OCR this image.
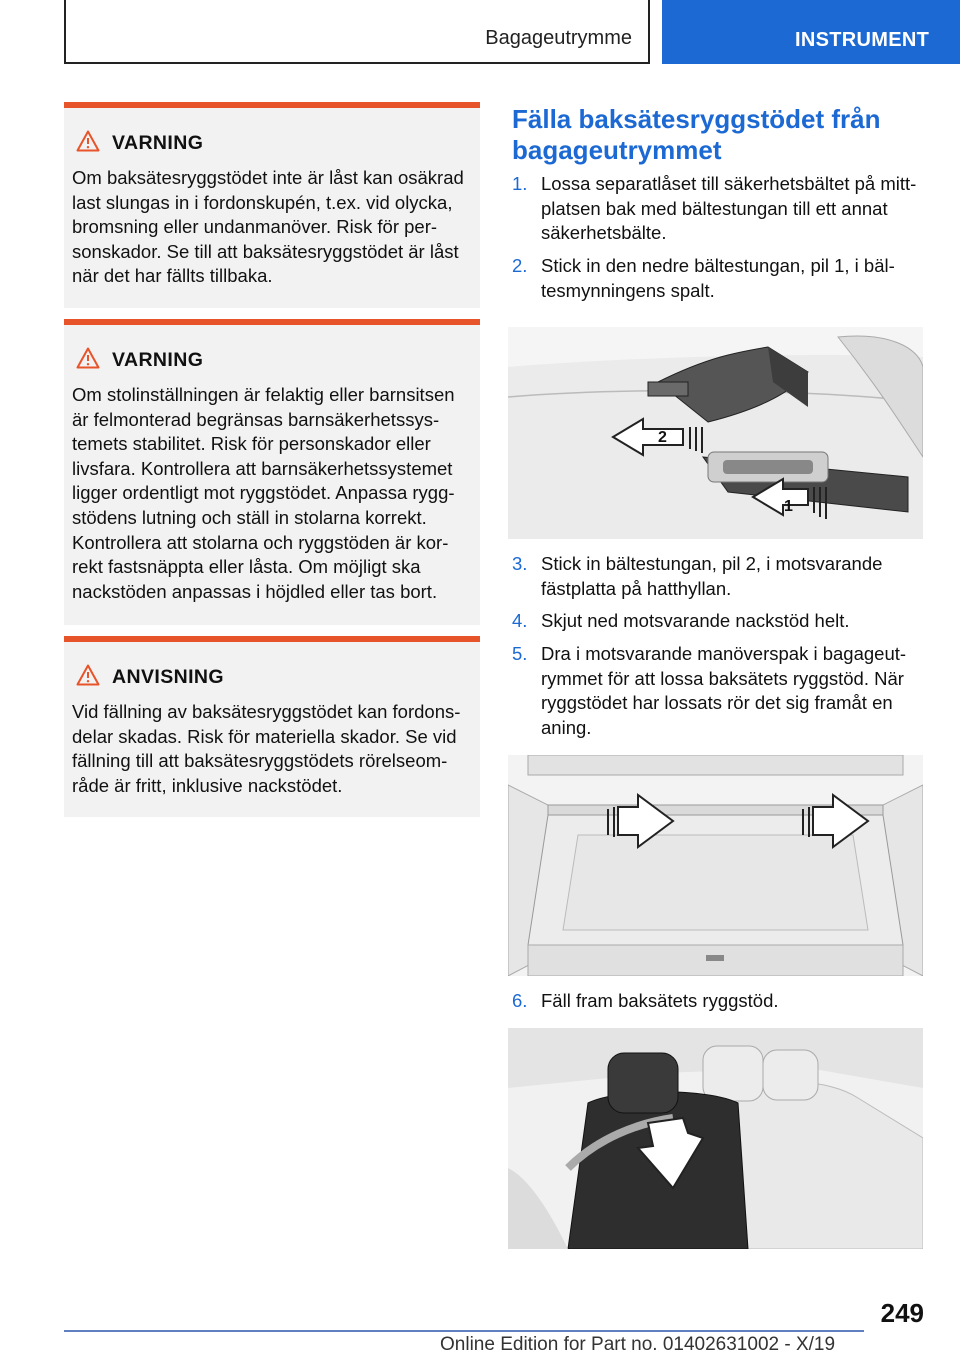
Bagageutrymme	INSTRUMENT
VARNING
Om baksätesryggstödet inte är låst kan osäkrad
last slungas in i fordonskupén, t.ex. vid olycka,
bromsning eller undanmanöver. Risk för per-
sonskador. Se till att baksätesryggstödet är låst
när det har fällts tillbaka.
VARNING
Om stolinställningen är felaktig eller barnsitsen
är felmonterad begränsas barnsäkerhetssys-
temets stabilitet. Risk för personskador eller
livsfara. Kontrollera att barnsäkerhetssystemet
ligger ordentligt mot ryggstödet. Anpassa rygg-
stödens lutning och ställ in stolarna korrekt.
Kontrollera att stolarna och ryggstöden är kor-
rekt fastsnäppta eller låsta. Om möjligt ska
nackstöden anpassas i höjdled eller tas bort.
ANVISNING
Vid fällning av baksätesryggstödet kan fordons-
delar skadas. Risk för materiella skador. Se vid
fällning till att baksätesryggstödets rörelseom-
råde är fritt, inklusive nackstödet.
Fälla baksätesryggstödet från bagageutrymmet
1. Lossa separatlåset till säkerhetsbältet på mitt-
platsen bak med bältestungan till ett annat
säkerhetsbälte.
2. Stick in den nedre bältestungan, pil 1, i bäl-
tesmynningens spalt.
2
1
3. Stick in bältestungan, pil 2, i motsvarande
fästplatta på hatthyllan.
4. Skjut ned motsvarande nackstöd helt.
5. Dra i motsvarande manöverspak i bagageut-
rymmet för att lossa baksätets ryggstöd. När
ryggstödet har lossats rör det sig framåt en
aning.
6. Fäll fram baksätets ryggstöd.
249
Online Edition for Part no. 01402631002 - X/19
